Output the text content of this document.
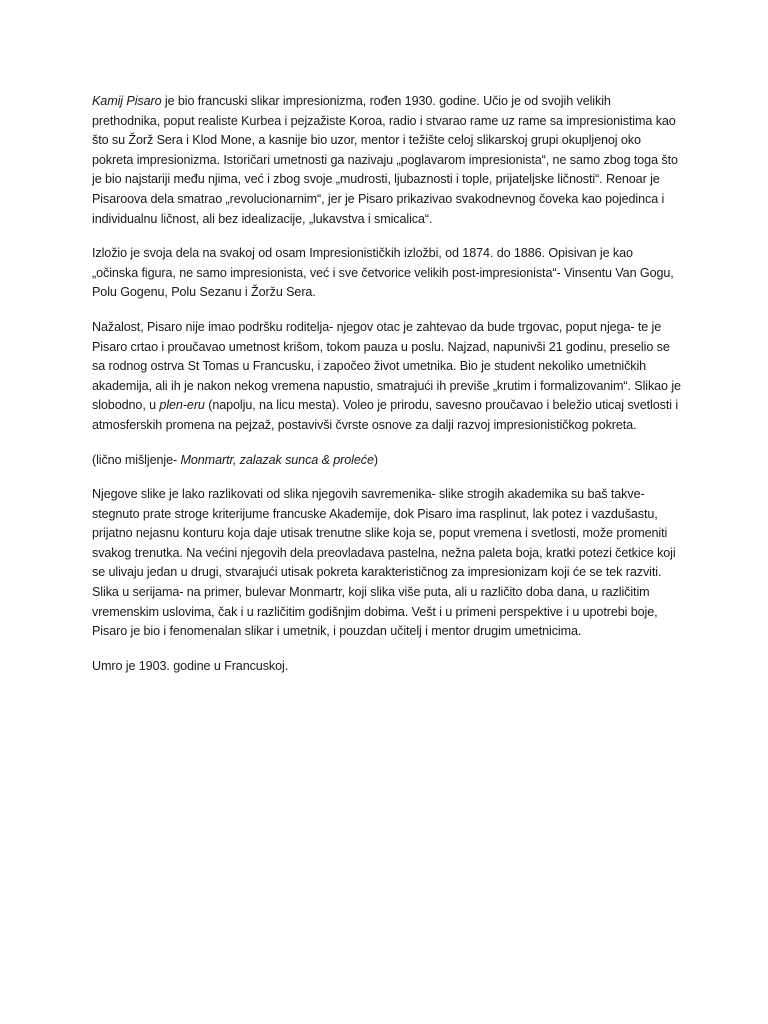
Kamij Pisaro je bio francuski slikar impresionizma, rođen 1930. godine. Učio je od svojih velikih prethodnika, poput realiste Kurbea i pejzažiste Koroa, radio i stvarao rame uz rame sa impresionistima kao što su Žorž Sera i Klod Mone, a kasnije bio uzor, mentor i težište celoj slikarskoj grupi okupljenoj oko pokreta impresionizma. Istoričari umetnosti ga nazivaju „poglavarom impresionista“, ne samo zbog toga što je bio najstariji među njima, već i zbog svoje „mudrosti, ljubaznosti i tople, prijateljske ličnosti“. Renoar je Pisaroova dela smatrao „revolucionarnim“, jer je Pisaro prikazivao svakodnevnog čoveka kao pojedinca i individualnu ličnost, ali bez idealizacije, „lukavstva i smicalica“.

Izložio je svoja dela na svakoj od osam Impresionističkih izložbi, od 1874. do 1886. Opisivan je kao „očinska figura, ne samo impresionista, već i sve četvorice velikih post-impresionista“- Vinsentu Van Gogu, Polu Gogenu, Polu Sezanu i Žoržu Sera.

Nažalost, Pisaro nije imao podršku roditelja- njegov otac je zahtevao da bude trgovac, poput njega- te je Pisaro crtao i proučavao umetnost krišom, tokom pauza u poslu. Najzad, napunivši 21 godinu, preselio se sa rodnog ostrva St Tomas u Francusku, i započeo život umetnika. Bio je student nekoliko umetničkih akademija, ali ih je nakon nekog vremena napustio, smatrajući ih previše „krutim i formalizovanim“. Slikao je slobodno, u plen-eru (napolju, na licu mesta). Voleo je prirodu, savesno proučavao i beležio uticaj svetlosti i atmosferskih promena na pejzaž, postavivši čvrste osnove za dalji razvoj impresionističkog pokreta.

(lično mišljenje- Monmartr, zalazak sunca & proleće)

Njegove slike je lako razlikovati od slika njegovih savremenika- slike strogih akademika su baš takve- stegnuto prate stroge kriterijume francuske Akademije, dok Pisaro ima rasplinut, lak potez i vazdušastu, prijatno nejasnu konturu koja daje utisak trenutne slike koja se, poput vremena i svetlosti, može promeniti svakog trenutka. Na većini njegovih dela preovladava pastelna, nežna paleta boja, kratki potezi četkice koji se ulivaju jedan u drugi, stvarajući utisak pokreta karakterističnog za impresionizam koji će se tek razviti. Slika u serijama- na primer, bulevar Monmartr, koji slika više puta, ali u različito doba dana, u različitim vremenskim uslovima, čak i u različitim godišnjim dobima. Vešt i u primeni perspektive i u upotrebi boje, Pisaro je bio i fenomenalan slikar i umetnik, i pouzdan učitelj i mentor drugim umetnicima.

Umro je 1903. godine u Francuskoj.
